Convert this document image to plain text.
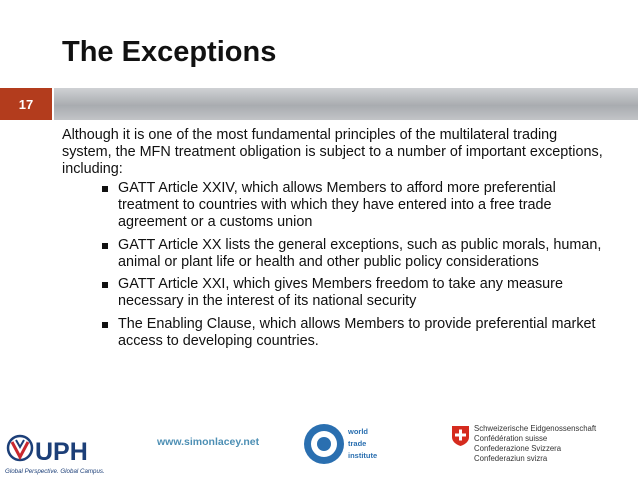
The Exceptions
17

Although it is one of the most fundamental principles of the multilateral trading system, the MFN treatment obligation is subject to a number of important exceptions, including:

GATT Article XXIV, which allows Members to afford more preferential treatment to countries with which they have entered into a free trade agreement or a customs union
GATT Article XX lists the general exceptions, such as public morals, human, animal or plant life or health and other public policy considerations
GATT Article XXI, which gives Members freedom to take any measure necessary in the interest of its national security
The Enabling Clause, which allows Members to provide preferential market access to developing countries.
UPH
Global Perspective. Global Campus.
www.simonlacey.net
world
trade
institute
Schweizerische Eidgenossenschaft
Confédération suisse
Confederazione Svizzera
Confederaziun svizra
